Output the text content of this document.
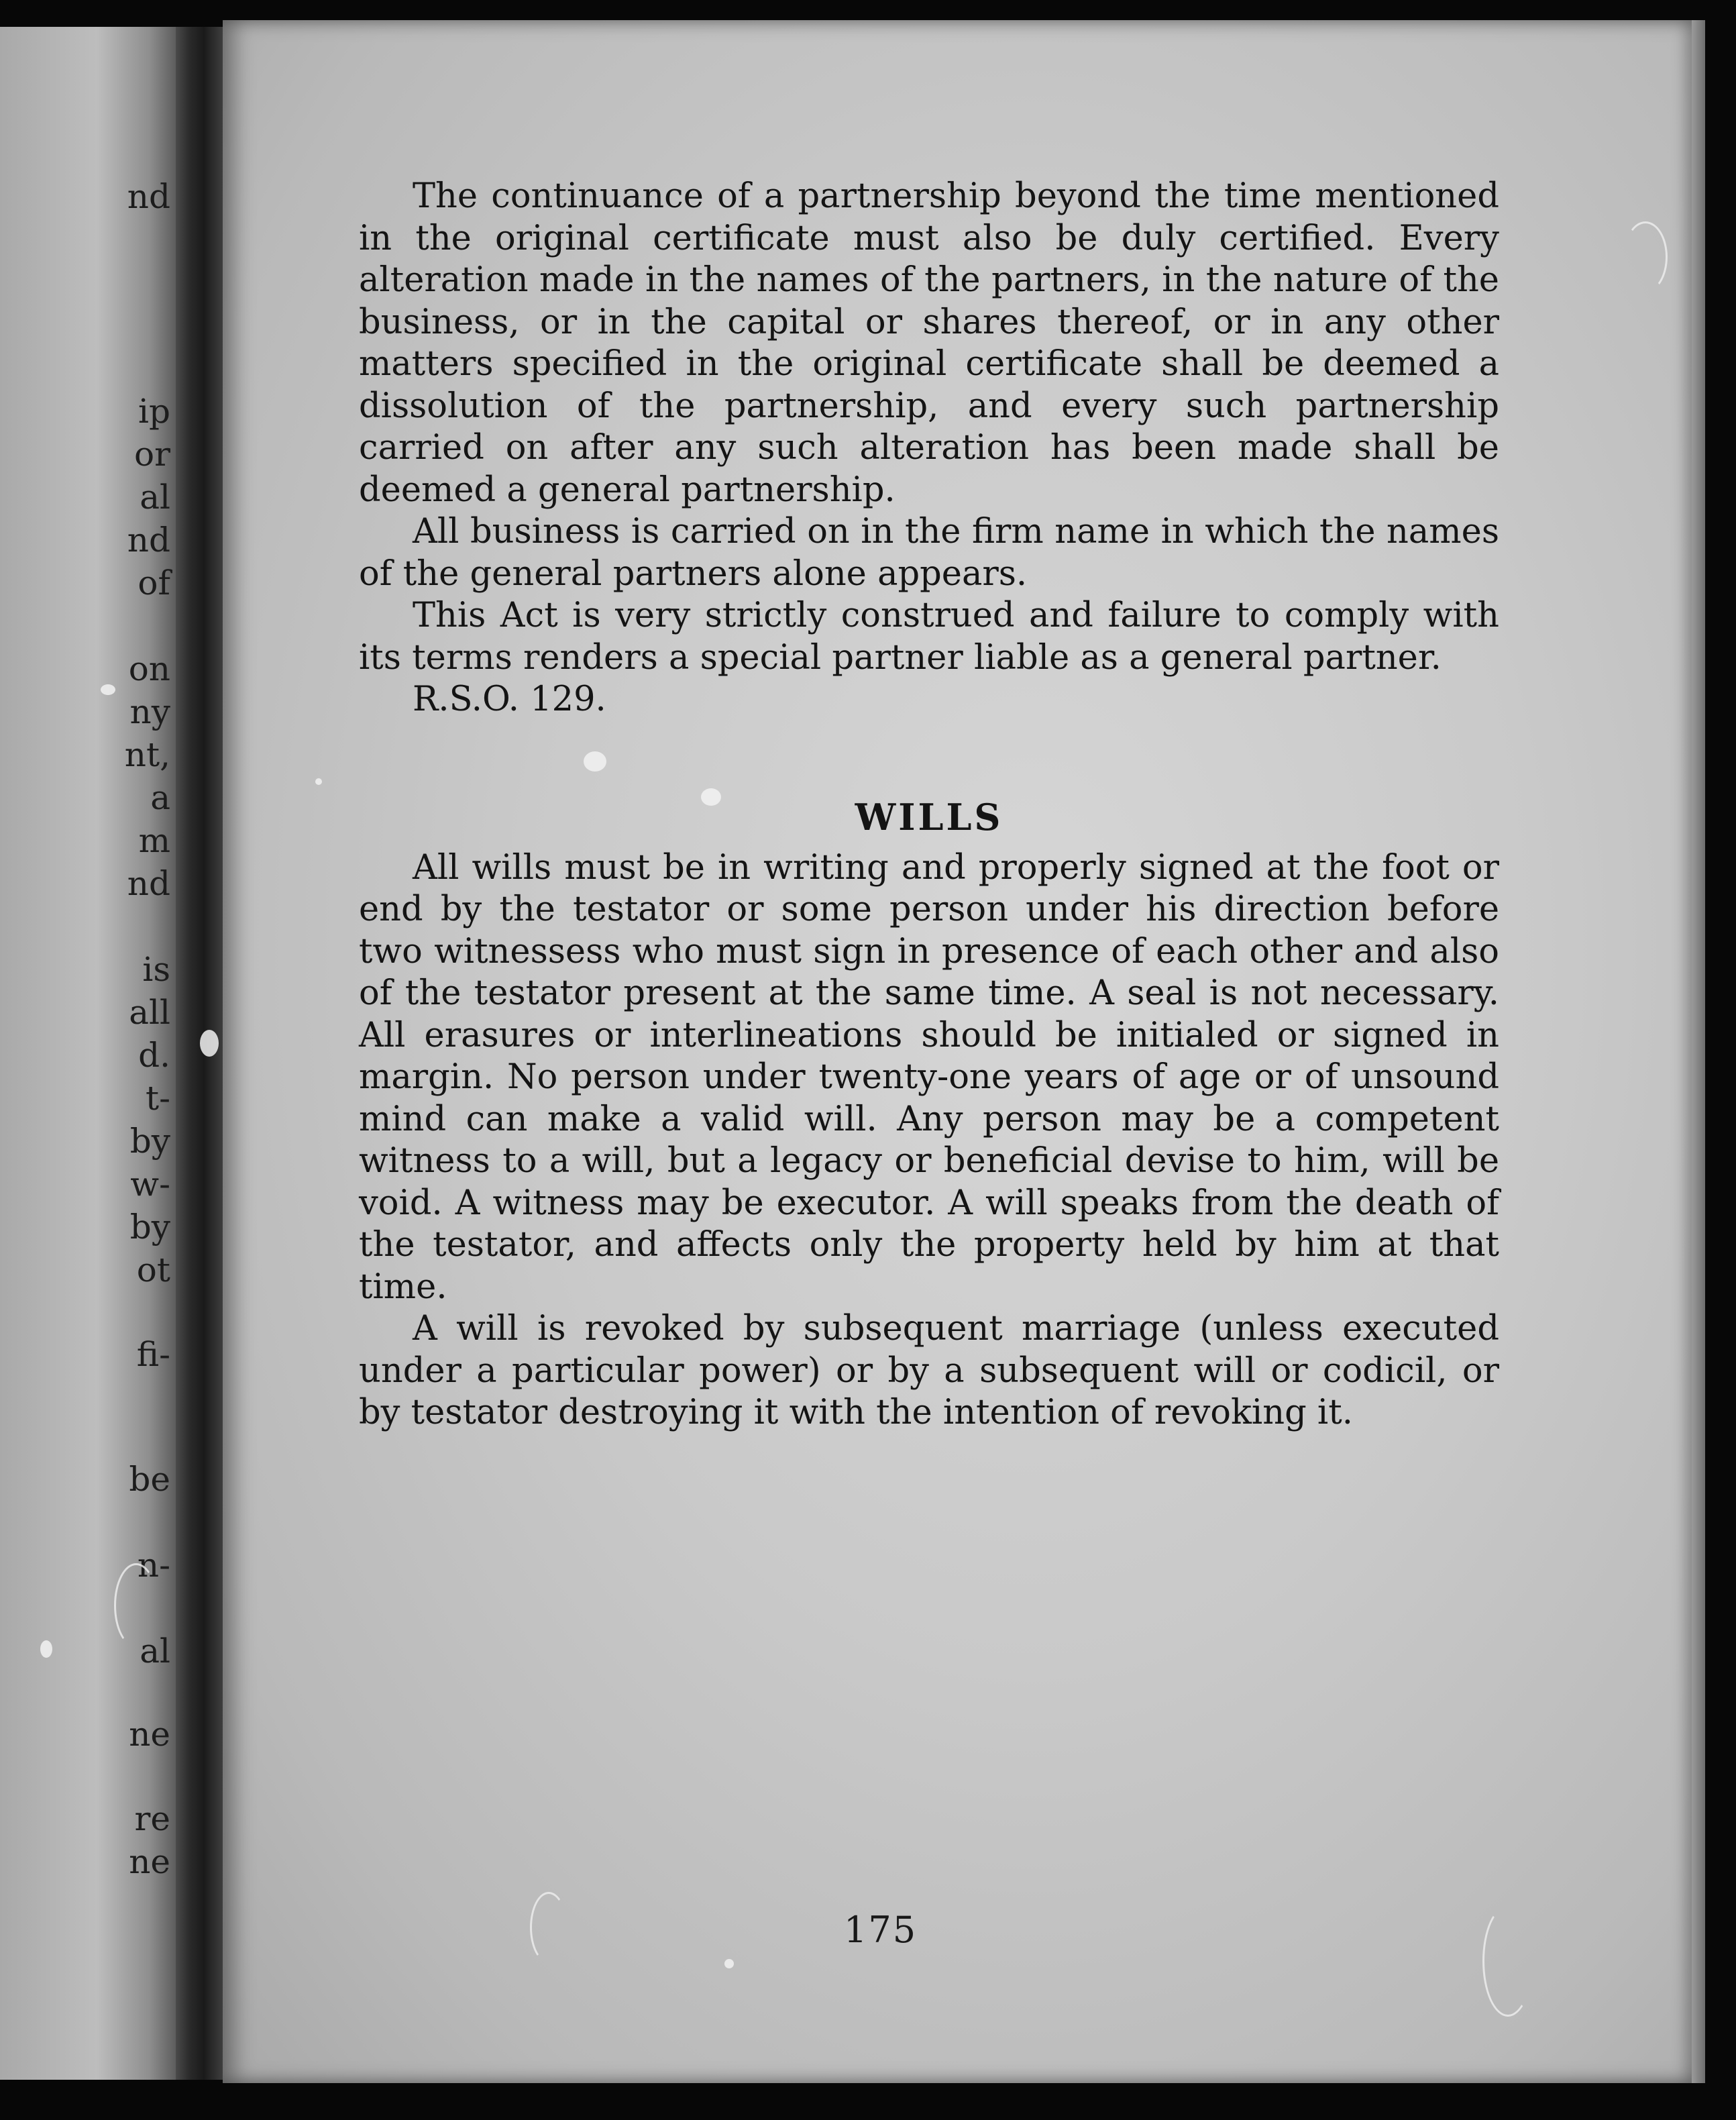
nd
ip
or
al
nd
of
on
ny
nt,
a
m
nd
is
all
d.
t-
by
w-
by
ot
fi-
be
n-
al
ne
re
ne

The continuance of a partnership beyond the time mentioned in the original certificate must also be duly certified. Every alteration made in the names of the partners, in the nature of the business, or in the capital or shares thereof, or in any other matters specified in the original certificate shall be deemed a dissolution of the partnership, and every such partnership carried on after any such alteration has been made shall be deemed a general partnership.

All business is carried on in the firm name in which the names of the general partners alone appears.

This Act is very strictly construed and failure to comply with its terms renders a special partner liable as a general partner.

R.S.O. 129.

WILLS

All wills must be in writing and properly signed at the foot or end by the testator or some person under his direction before two witnessess who must sign in presence of each other and also of the testator present at the same time. A seal is not necessary. All erasures or interlineations should be initialed or signed in margin. No person under twenty-one years of age or of unsound mind can make a valid will. Any person may be a competent witness to a will, but a legacy or beneficial devise to him, will be void. A witness may be executor. A will speaks from the death of the testator, and affects only the property held by him at that time.

A will is revoked by subsequent marriage (unless executed under a particular power) or by a subsequent will or codicil, or by testator destroying it with the intention of revoking it.

175
